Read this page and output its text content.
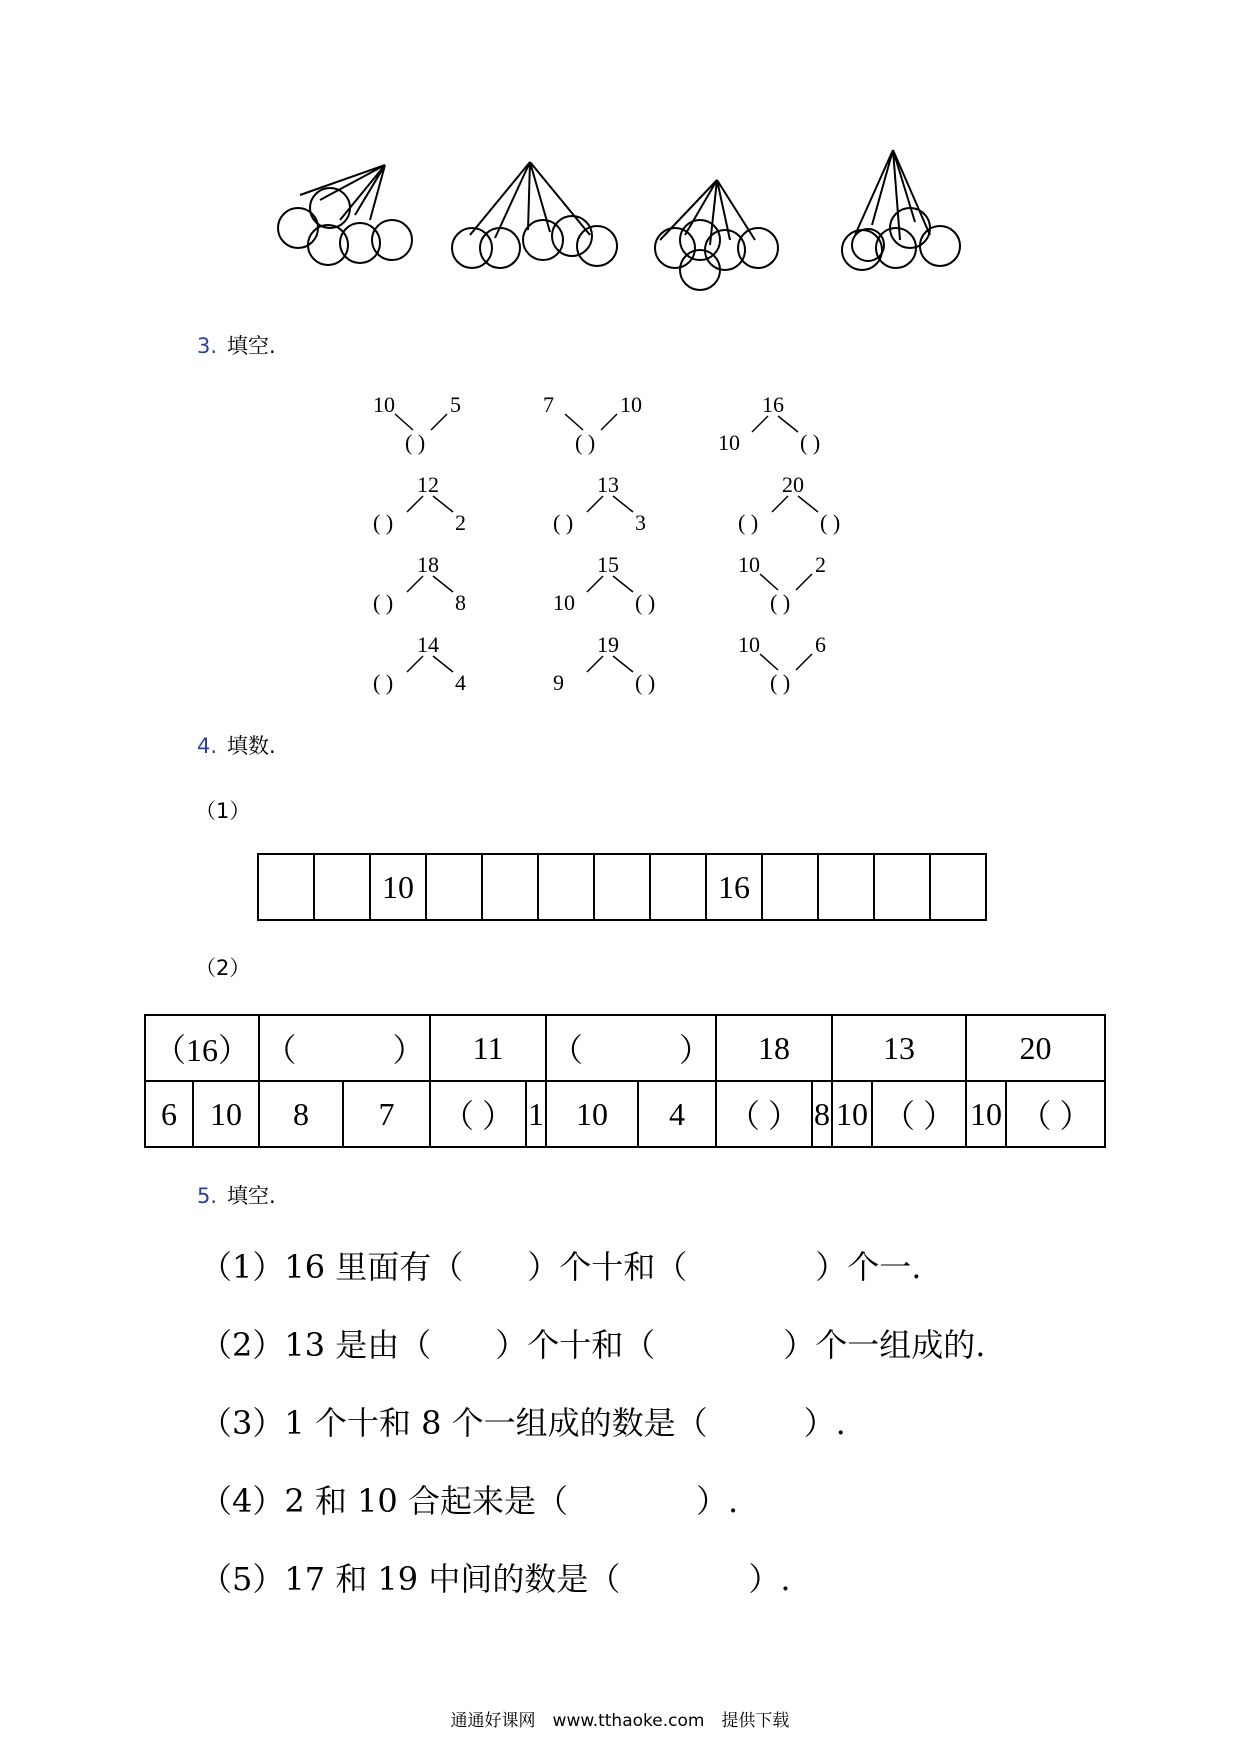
3. 填空.
10	5
( )
7	10
( )
16
10	( )
12
( )	2
13
( )	3
20
( )	( )
18
( )	8
15
10	( )
10	2
( )
14
( )	4
19
9	( )
10	6
( )
4. 填数.
（1）
		10						16				
（2）
（16）		（　　　）		11		（　　　）		18		13		20	
6	10	8	7	（ ）	1	10	4	（ ）	8	10	（ ）	10	（ ）
5. 填空.
（1）16 里面有（　　）个十和（　　　　）个一.
（2）13 是由（　　）个十和（　　　　）个一组成的.
（3）1 个十和 8 个一组成的数是（　　　）.
（4）2 和 10 合起来是（　　　　）.
（5）17 和 19 中间的数是（　　　　）.
通通好课网　www.tthaoke.com　提供下载
